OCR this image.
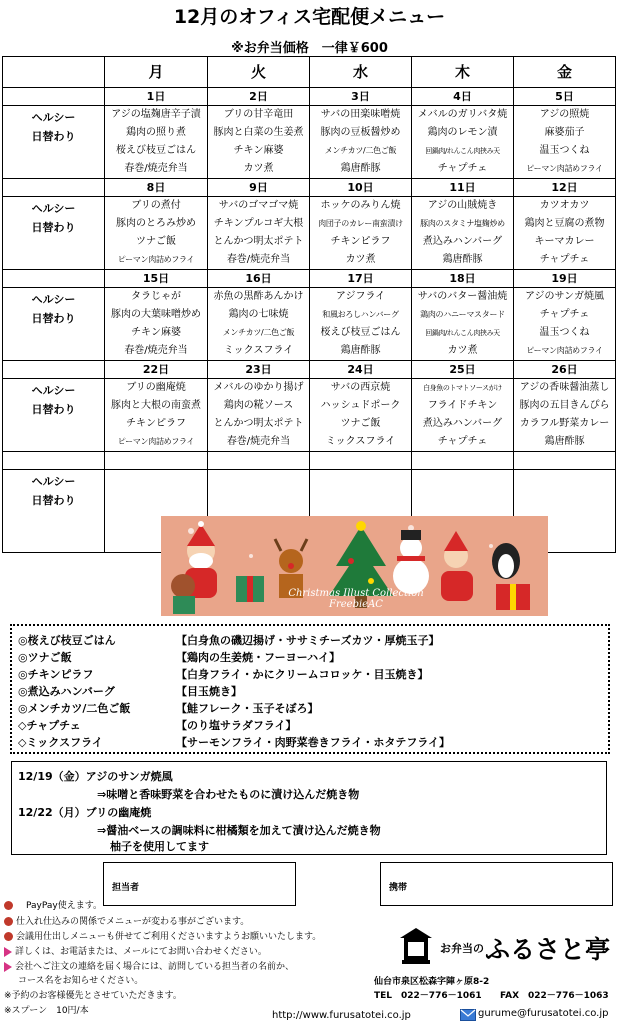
12月のオフィス宅配便メニュー
※お弁当価格　一律￥600
	月	火	水	木	金
	1日	2日	3日	4日	5日

ヘルシー
日替わり	アジの塩麹唐辛子漬	ブリの甘辛竜田	サバの田楽味噌焼	メバルのガリバタ焼	アジの照焼
	鶏肉の照り煮	豚肉と白菜の生姜煮	豚肉の豆板醤炒め	鶏肉のレモン漬	麻婆茄子
	桜えび枝豆ごはん	チキン麻婆	メンチカツ/二色ご飯	回鍋肉/れんこん肉挟み天	温玉つくね
	春巻/焼売弁当	カツ煮	鶏唐酢豚	チャプチェ	ピーマン肉詰めフライ
	8日	9日	10日	11日	12日

ヘルシー
日替わり	ブリの煮付	サバのゴマゴマ焼	ホッケのみりん焼	アジの山賊焼き	カツオカツ
	豚肉のとろみ炒め	チキンプルコギ大根	肉団子のカレー南蛮漬け	豚肉のスタミナ塩麹炒め	鶏肉と豆腐の煮物
	ツナご飯	とんかつ明太ポテト	チキンピラフ	煮込みハンバーグ	キーマカレー
	ピーマン肉詰めフライ	春巻/焼売弁当	カツ煮	鶏唐酢豚	チャプチェ
	15日	16日	17日	18日	19日

ヘルシー
日替わり	タラじゃが	赤魚の黒酢あんかけ	アジフライ	サバのバター醤油焼	アジのサンガ焼風
	豚肉の大葉味噌炒め	鶏肉の七味焼	和風おろしハンバーグ	鶏肉のハニーマスタード	チャプチェ
	チキン麻婆	メンチカツ/二色ご飯	桜えび枝豆ごはん	回鍋肉/れんこん肉挟み天	温玉つくね
	春巻/焼売弁当	ミックスフライ	鶏唐酢豚	カツ煮	ピーマン肉詰めフライ
	22日	23日	24日	25日	26日

ヘルシー
日替わり	ブリの幽庵焼	メバルのゆかり揚げ	サバの西京焼	白身魚のトマトソースがけ	アジの香味醤油蒸し
	豚肉と大根の南蛮煮	鶏肉の糀ソース	ハッシュドポーク	フライドチキン	豚肉の五目きんぴら
	チキンピラフ	とんかつ明太ポテト	ツナご飯	煮込みハンバーグ	カラフル野菜カレー
	ピーマン肉詰めフライ	春巻/焼売弁当	ミックスフライ	チャプチェ	鶏唐酢豚

ヘルシー
日替わり					

Christmas Illust Collection
FreebieAC
◎桜えび枝豆ごはん	【白身魚の磯辺揚げ・ササミチーズカツ・厚焼玉子】
◎ツナご飯	【鶏肉の生姜焼・フーヨーハイ】
◎チキンピラフ	【白身フライ・かにクリームコロッケ・目玉焼き】
◎煮込みハンバーグ	【目玉焼き】
◎メンチカツ/二色ご飯	【鮭フレーク・玉子そぼろ】
◇チャプチェ	【のり塩サラダフライ】
◇ミックスフライ	【サーモンフライ・肉野菜巻きフライ・ホタテフライ】
12/19（金）アジのサンガ焼風
⇒味噌と香味野菜を合わせたものに漬け込んだ焼き物
12/22（月）ブリの幽庵焼
⇒醤油ベースの調味料に柑橘類を加えて漬け込んだ焼き物
柚子を使用してます
担当者	携帯
PayPay使えます。
仕入れ仕込みの関係でメニューが変わる事がございます。
会議用仕出しメニューも併せてご利用くださいますようお願いいたします。
詳しくは、お電話または、メールにてお問い合わせください。
会社へご注文の連絡を届く場合には、訪問している担当者の名前か、
コース名をお知らせください。
※予約のお客様優先とさせていただきます。
※スプーン　10円/本
お弁当の ふるさと亭
仙台市泉区松森字陣ヶ原8-2
TEL　022－776－1061 FAX　022－776－1063
http://www.furusatotei.co.jp	gurume@furusatotei.co.jp
